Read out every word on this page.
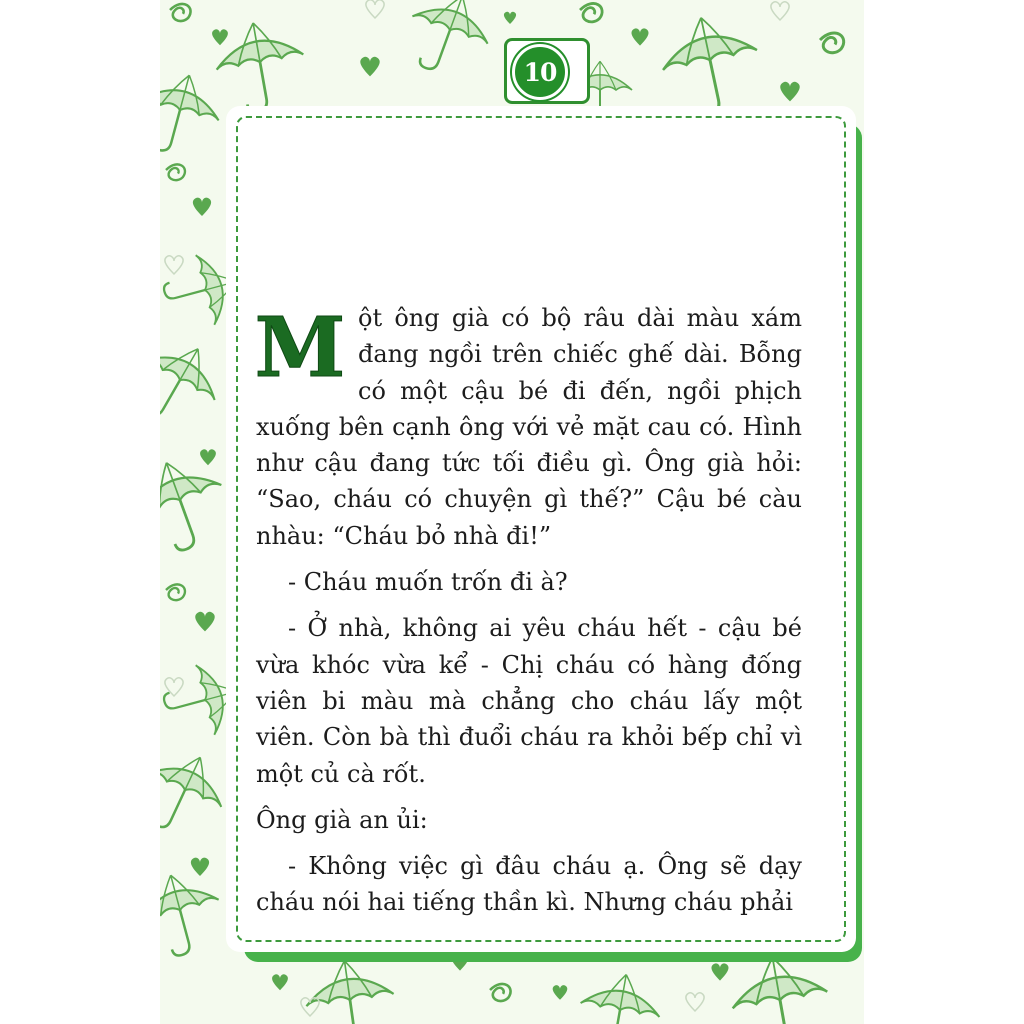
10

M ột ông già có bộ râu dài màu xám đang ngồi trên chiếc ghế dài. Bỗng có một cậu bé đi đến, ngồi phịch xuống bên cạnh ông với vẻ mặt cau có. Hình như cậu đang tức tối điều gì. Ông già hỏi: “Sao, cháu có chuyện gì thế?” Cậu bé càu nhàu: “Cháu bỏ nhà đi!”

- Cháu muốn trốn đi à?

- Ở nhà, không ai yêu cháu hết - cậu bé vừa khóc vừa kể - Chị cháu có hàng đống viên bi màu mà chẳng cho cháu lấy một viên. Còn bà thì đuổi cháu ra khỏi bếp chỉ vì một củ cà rốt.

Ông già an ủi:

- Không việc gì đâu cháu ạ. Ông sẽ dạy cháu nói hai tiếng thần kì. Nhưng cháu phải
